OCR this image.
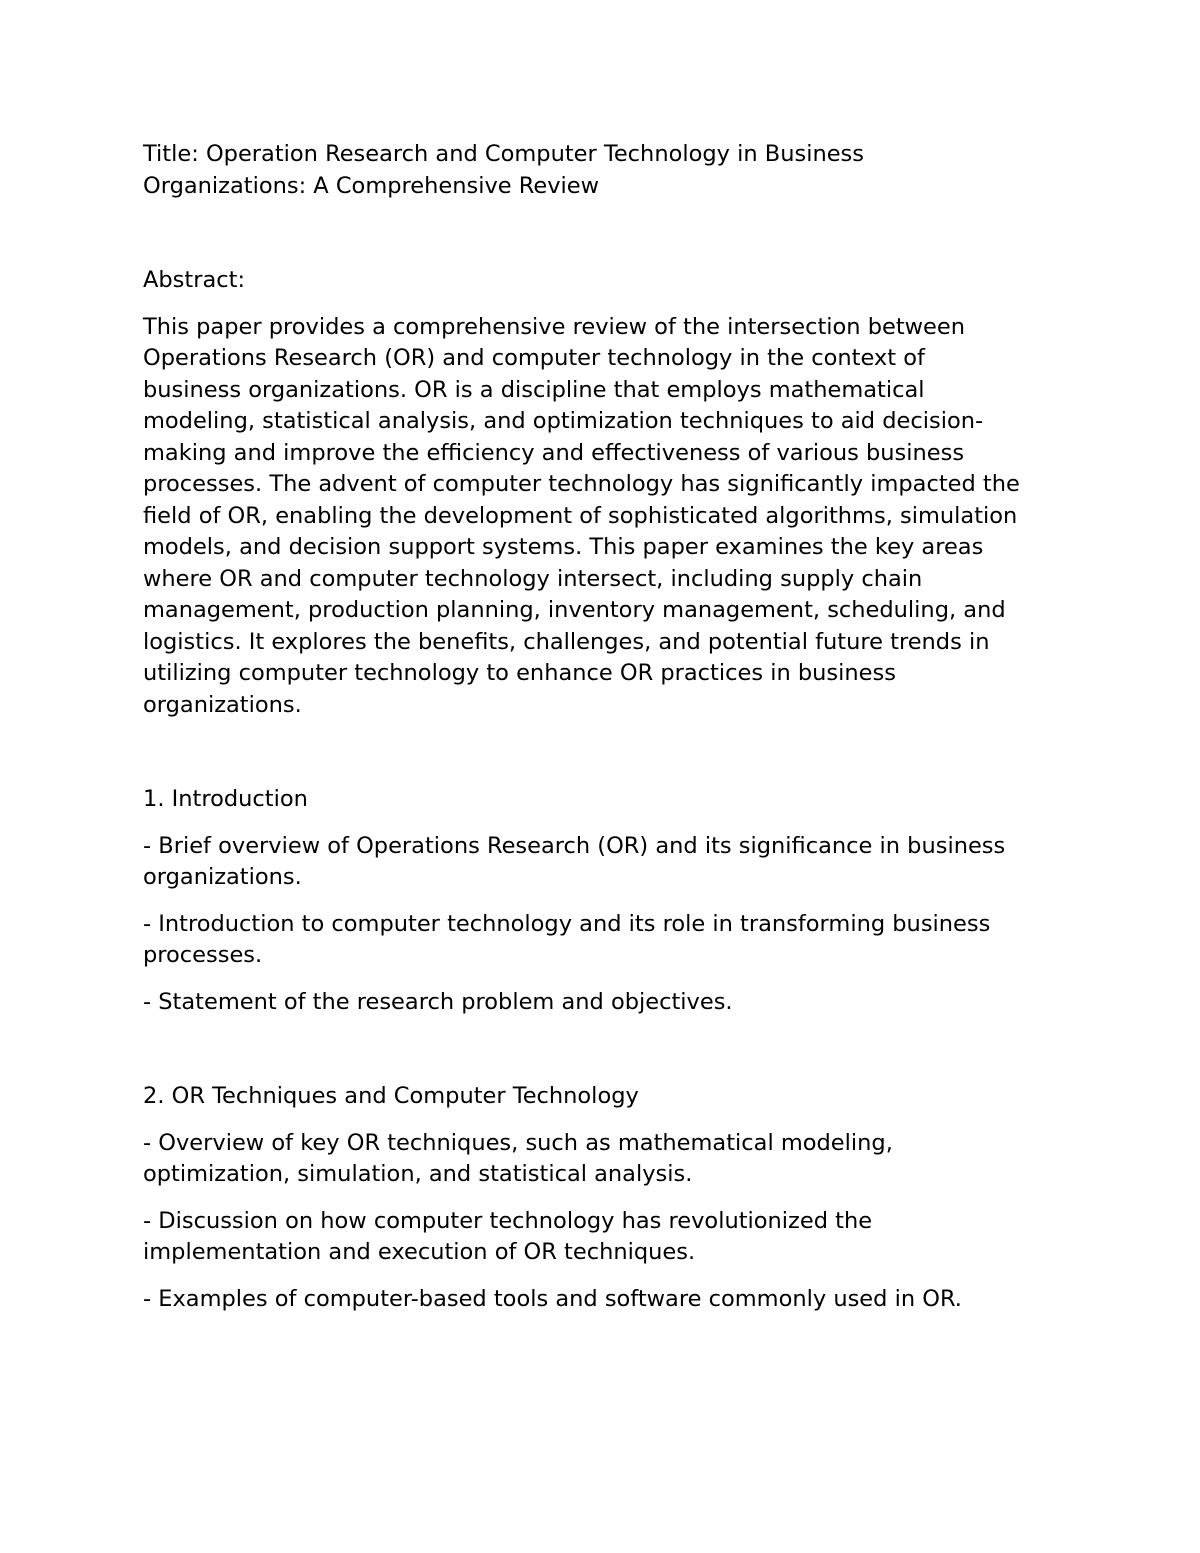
Title: Operation Research and Computer Technology in Business
Organizations: A Comprehensive Review

Abstract:

This paper provides a comprehensive review of the intersection between
Operations Research (OR) and computer technology in the context of
business organizations. OR is a discipline that employs mathematical
modeling, statistical analysis, and optimization techniques to aid decision-
making and improve the efficiency and effectiveness of various business
processes. The advent of computer technology has significantly impacted the
field of OR, enabling the development of sophisticated algorithms, simulation
models, and decision support systems. This paper examines the key areas
where OR and computer technology intersect, including supply chain
management, production planning, inventory management, scheduling, and
logistics. It explores the benefits, challenges, and potential future trends in
utilizing computer technology to enhance OR practices in business
organizations.

1. Introduction

- Brief overview of Operations Research (OR) and its significance in business
organizations.

- Introduction to computer technology and its role in transforming business
processes.

- Statement of the research problem and objectives.

2. OR Techniques and Computer Technology

- Overview of key OR techniques, such as mathematical modeling,
optimization, simulation, and statistical analysis.

- Discussion on how computer technology has revolutionized the
implementation and execution of OR techniques.

- Examples of computer-based tools and software commonly used in OR.
